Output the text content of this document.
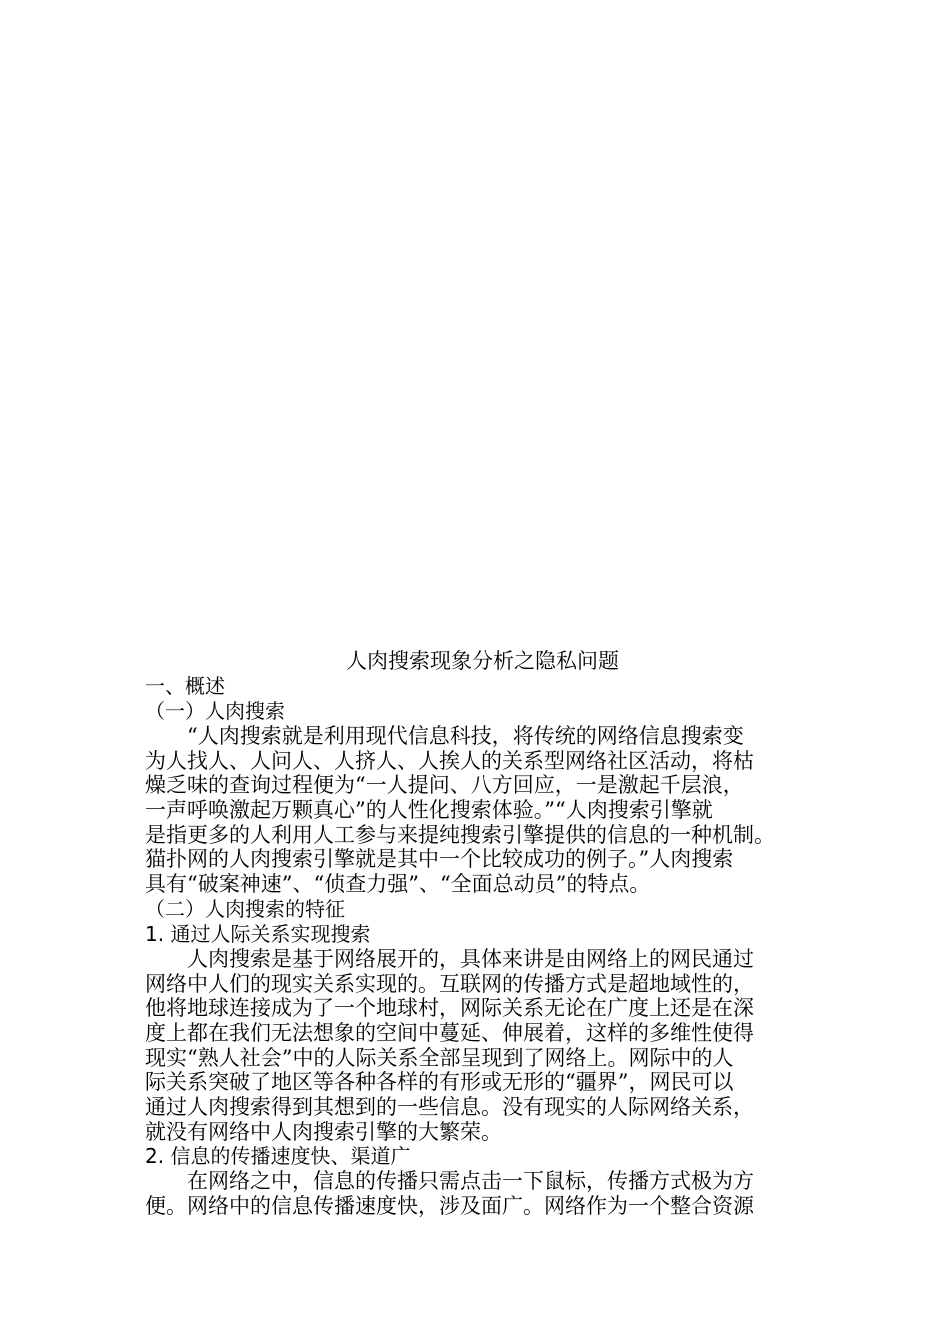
人肉搜索现象分析之隐私问题
一、概述
（一）人肉搜索
“人肉搜索就是利用现代信息科技，将传统的网络信息搜索变
为人找人、人问人、人挤人、人挨人的关系型网络社区活动，将枯
燥乏味的查询过程便为“一人提问、八方回应，一是激起千层浪，
一声呼唤激起万颗真心”的人性化搜索体验。”“人肉搜索引擎就
是指更多的人利用人工参与来提纯搜索引擎提供的信息的一种机制。
猫扑网的人肉搜索引擎就是其中一个比较成功的例子。”人肉搜索
具有“破案神速”、“侦查力强”、“全面总动员”的特点。
（二）人肉搜索的特征
1. 通过人际关系实现搜索
人肉搜索是基于网络展开的，具体来讲是由网络上的网民通过
网络中人们的现实关系实现的。互联网的传播方式是超地域性的，
他将地球连接成为了一个地球村，网际关系无论在广度上还是在深
度上都在我们无法想象的空间中蔓延、伸展着，这样的多维性使得
现实“熟人社会”中的人际关系全部呈现到了网络上。网际中的人
际关系突破了地区等各种各样的有形或无形的“疆界”，网民可以
通过人肉搜索得到其想到的一些信息。没有现实的人际网络关系，
就没有网络中人肉搜索引擎的大繁荣。
2. 信息的传播速度快、渠道广
在网络之中，信息的传播只需点击一下鼠标，传播方式极为方
便。网络中的信息传播速度快，涉及面广。网络作为一个整合资源
